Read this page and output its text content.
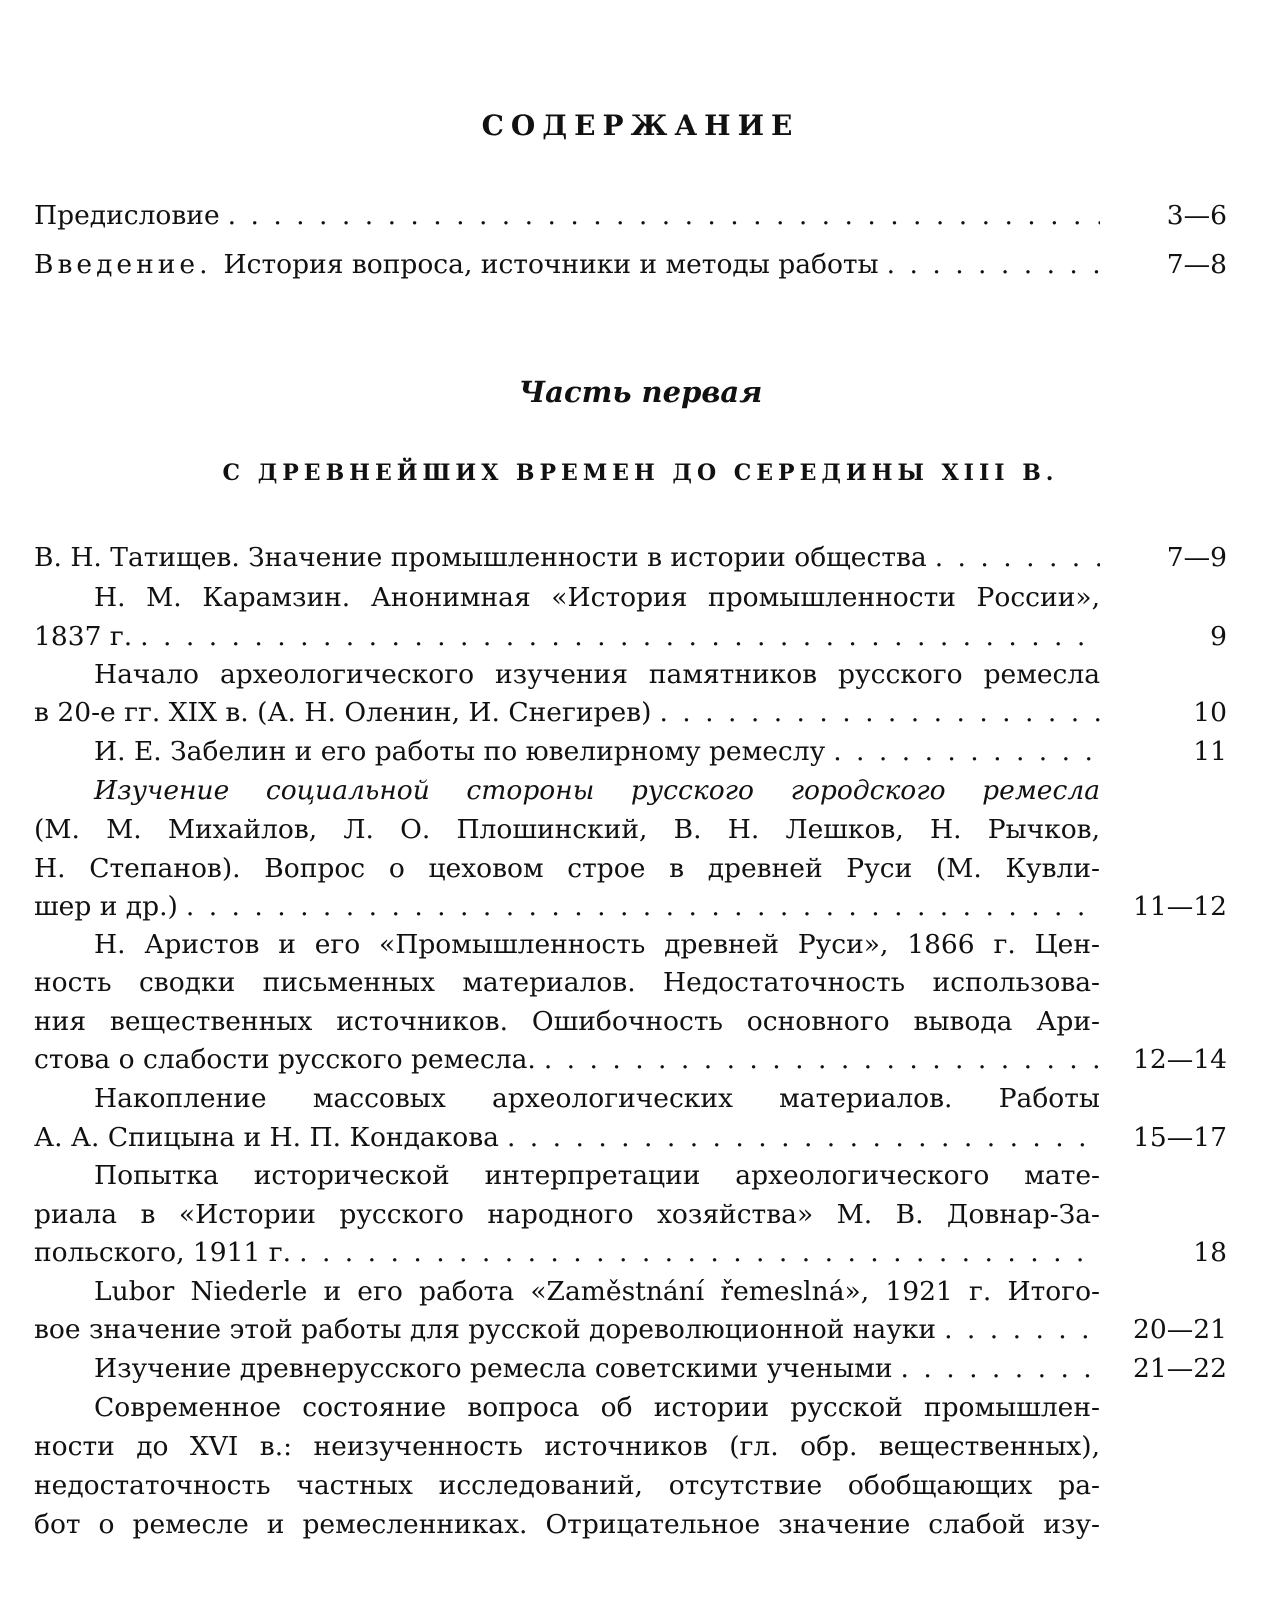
СОДЕРЖАНИЕ
Предисловие . . .	3—6
Введение. История вопроса, источники и методы работы . . .	7—8
Часть первая
С ДРЕВНЕЙШИХ ВРЕМЕН ДО СЕРЕДИНЫ XIII В.
В. Н. Татищев. Значение промышленности в истории общества . . .	7—9
Н. М. Карамзин. Анонимная «История промышленности России»,
1837 г. . . .	9
Начало археологического изучения памятников русского ремесла
в 20-е гг. XIX в. (А. Н. Оленин, И. Снегирев) . . .	10
И. Е. Забелин и его работы по ювелирному ремеслу . . .	11
Изучение социальной стороны русского городского ремесла
(М. М. Михайлов, Л. О. Плошинский, В. Н. Лешков, Н. Рычков,
Н. Степанов). Вопрос о цеховом строе в древней Руси (М. Кувли-
шер и др.) . . .	11—12
Н. Аристов и его «Промышленность древней Руси», 1866 г. Цен-
ность сводки письменных материалов. Недостаточность использова-
ния вещественных источников. Ошибочность основного вывода Ари-
стова о слабости русского ремесла. . . .	12—14
Накопление массовых археологических материалов. Работы
А. А. Спицына и Н. П. Кондакова . . .	15—17
Попытка исторической интерпретации археологического мате-
риала в «Истории русского народного хозяйства» М. В. Довнар-За-
польского, 1911 г. . . .	18
Lubor Niederle и его работа «Zaměstnání řemeslná», 1921 г. Итого-
вое значение этой работы для русской дореволюционной науки . . .	20—21
Изучение древнерусского ремесла советскими учеными . . .	21—22
Современное состояние вопроса об истории русской промышлен-
ности до XVI в.: неизученность источников (гл. обр. вещественных),
недостаточность частных исследований, отсутствие обобщающих ра-
бот о ремесле и ремесленниках. Отрицательное значение слабой изу-
